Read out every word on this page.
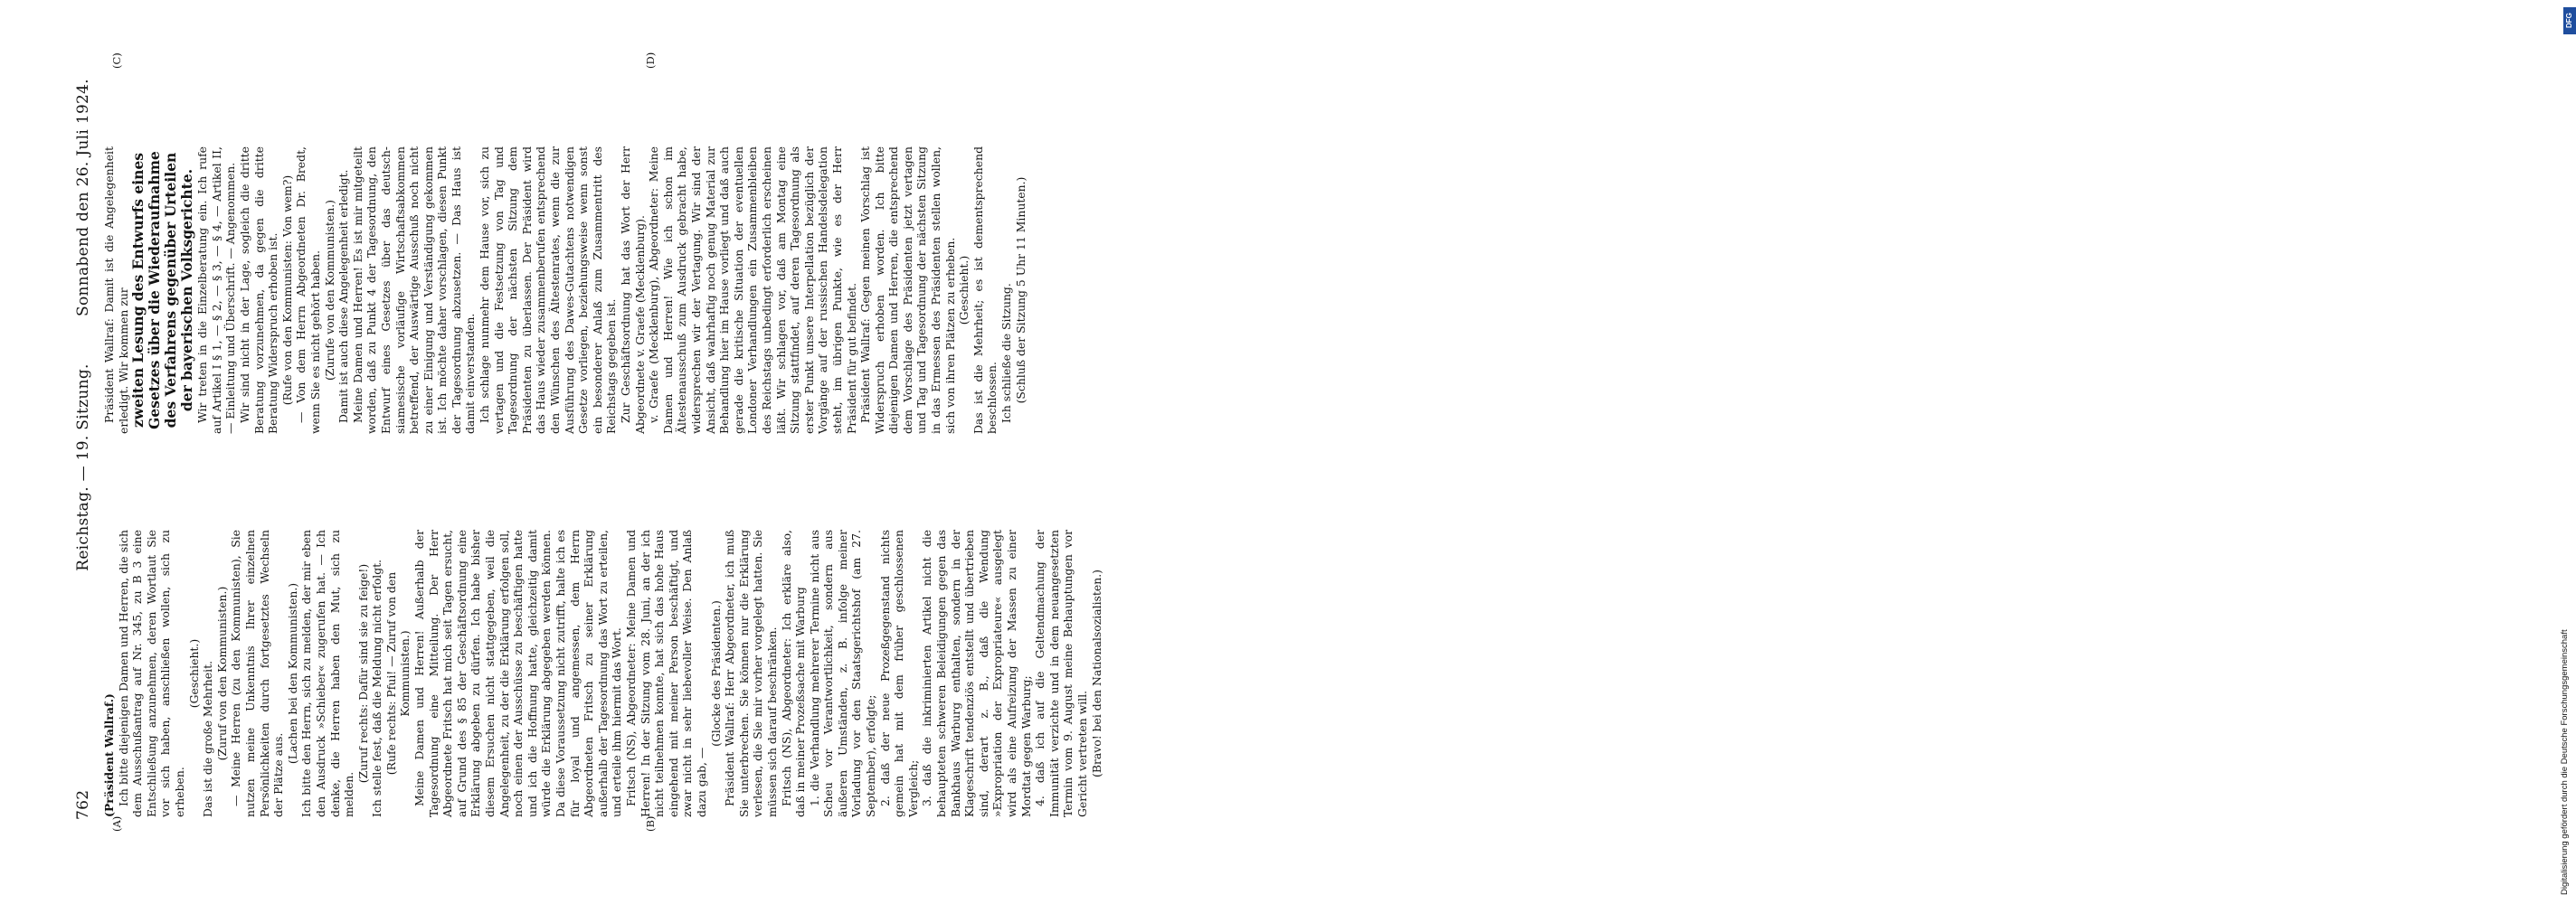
762
Reichstag. — 19. Sitzung.
Sonnabend den 26. Juli 1924.
(A)	(B)
(C)	(D)

(Präsident Wallraf.) Ich bitte diejenigen Damen und Herren, die sich dem Ausschußantrag auf Nr. 345, zu B 3 eine Entschließung anzunehmen, deren Wortlaut Sie vor sich haben, anschließen wollen, sich zu erheben.

(Geschieht.) Das ist die große Mehrheit. (Zuruf von den Kommunisten.) — Meine Herren (zu den Kommunisten), Sie nutzen meine Unkenntnis Ihrer einzelnen Persönlichkeiten durch fortgesetztes Wechseln der Plätze aus.

(Lachen bei den Kommunisten.) Ich bitte den Herrn, sich zu melden, der mir eben den Ausdruck »Schieber« zugerufen hat. — Ich denke, die Herren haben den Mut, sich zu melden.

(Zuruf rechts: Dafür sind sie zu feige!) Ich stelle fest, daß die Meldung nicht erfolgt. (Rufe rechts: Pfui! — Zuruf von den Kommunisten.) Meine Damen und Herren! Außerhalb der Tagesordnung eine Mitteilung. Der Herr Abgeordnete Fritsch hat mich seit Tagen ersucht, auf Grund des § 85 der Geschäftsordnung eine Erklärung abgeben zu dürfen. Ich habe bisher diesem Ersuchen nicht stattgegeben, weil die Angelegenheit, zu der die Erklärung erfolgen soll, noch einen der Ausschüsse zu beschäftigen hatte und ich die Hoffnung hatte, gleichzeitig damit würde die Erklärung abgegeben werden können. Da diese Voraussetzung nicht zutrifft, halte ich es für loyal und angemessen, dem Herrn Abgeordneten Fritsch zu seiner Erklärung außerhalb der Tagesordnung das Wort zu erteilen, und erteile ihm hiermit das Wort. Fritsch (NS), Abgeordneter: Meine Damen und Herren! In der Sitzung vom 28. Juni, an der ich nicht teilnehmen konnte, hat sich das hohe Haus eingehend mit meiner Person beschäftigt, und zwar nicht in sehr liebevoller Weise. Den Anlaß dazu gab, —

(Glocke des Präsidenten.) Präsident Wallraf: Herr Abgeordneter, ich muß Sie unterbrechen. Sie können nur die Erklärung verlesen, die Sie mir vorher vorgelegt hatten. Sie müssen sich darauf beschränken. Fritsch (NS), Abgeordneter: Ich erkläre also, daß in meiner Prozeßsache mit Warburg 1. die Verhandlung mehrerer Termine nicht aus Scheu vor Verantwortlichkeit, sondern aus äußeren Umständen, z. B. infolge meiner Vorladung vor den Staatsgerichtshof (am 27. September), erfolgte; 2. daß der neue Prozeßgegenstand nichts gemein hat mit dem früher geschlossenen Vergleich; 3. daß die inkriminierten Artikel nicht die behaupteten schweren Beleidigungen gegen das Bankhaus Warburg enthalten, sondern in der Klageschrift tendenziös entstellt und übertrieben sind, derart z. B., daß die Wendung »Expropriation der Expropriateure« ausgelegt wird als eine Aufreizung der Massen zu einer Mordtat gegen Warburg; 4. daß ich auf die Geltendmachung der Immunität verzichte und in dem neuangesetzten Termin vom 9. August meine Behauptungen vor Gericht vertreten will. (Bravo! bei den Nationalsozialisten.)

Präsident Wallraf: Damit ist die Angelegenheit erledigt. Wir kommen zur zweiten Lesung des Entwurfs eines Gesetzes über die Wiederaufnahme des Verfahrens gegenüber Urteilen der bayerischen Volksgerichte. Wir treten in die Einzelberatung ein. Ich rufe auf Artikel I § 1, — § 2, — § 3, — § 4, — Artikel II, — Einleitung und Überschrift. — Angenommen. Wir sind nicht in der Lage, sogleich die dritte Beratung vorzunehmen, da gegen die dritte Beratung Widerspruch erhoben ist. (Rufe von den Kommunisten: Von wem?) — Von dem Herrn Abgeordneten Dr. Bredt, wenn Sie es nicht gehört haben. (Zurufe von den Kommunisten.) Damit ist auch diese Angelegenheit erledigt. Meine Damen und Herren! Es ist mir mitgeteilt worden, daß zu Punkt 4 der Tagesordnung, den Entwurf eines Gesetzes über das deutsch-siamesische vorläufige Wirtschaftsabkommen betreffend, der Auswärtige Ausschuß noch nicht zu einer Einigung und Verständigung gekommen ist. Ich möchte daher vorschlagen, diesen Punkt der Tagesordnung abzusetzen. — Das Haus ist damit einverstanden. Ich schlage nunmehr dem Hause vor, sich zu vertagen und die Festsetzung von Tag und Tagesordnung der nächsten Sitzung dem Präsidenten zu überlassen. Der Präsident wird das Haus wieder zusammenberufen entsprechend den Wünschen des Ältestenrates, wenn die zur Ausführung des Dawes-Gutachtens notwendigen Gesetze vorliegen, beziehungsweise wenn sonst ein besonderer Anlaß zum Zusammentritt des Reichstags gegeben ist. Zur Geschäftsordnung hat das Wort der Herr Abgeordnete v. Graefe (Mecklenburg). v. Graefe (Mecklenburg), Abgeordneter: Meine Damen und Herren! Wie ich schon im Ältestenausschuß zum Ausdruck gebracht habe, widersprechen wir der Vertagung. Wir sind der Ansicht, daß wahrhaftig noch genug Material zur Behandlung hier im Hause vorliegt und daß auch gerade die kritische Situation der eventuellen Londoner Verhandlungen ein Zusammenbleiben des Reichstags unbedingt erforderlich erscheinen läßt. Wir schlagen vor, daß am Montag eine Sitzung stattfindet, auf deren Tagesordnung als erster Punkt unsere Interpellation bezüglich der Vorgänge auf der russischen Handelsdelegation steht, im übrigen Punkte, wie es der Herr Präsident für gut befindet. Präsident Wallraf: Gegen meinen Vorschlag ist Widerspruch erhoben worden. Ich bitte diejenigen Damen und Herren, die entsprechend dem Vorschlage des Präsidenten jetzt vertagen und Tag und Tagesordnung der nächsten Sitzung in das Ermessen des Präsidenten stellen wollen, sich von ihren Plätzen zu erheben. (Geschieht.) Das ist die Mehrheit; es ist dementsprechend beschlossen. Ich schließe die Sitzung. (Schluß der Sitzung 5 Uhr 11 Minuten.)

DFG
Digitalisierung gefördert durch die Deutsche Forschungsgemeinschaft
